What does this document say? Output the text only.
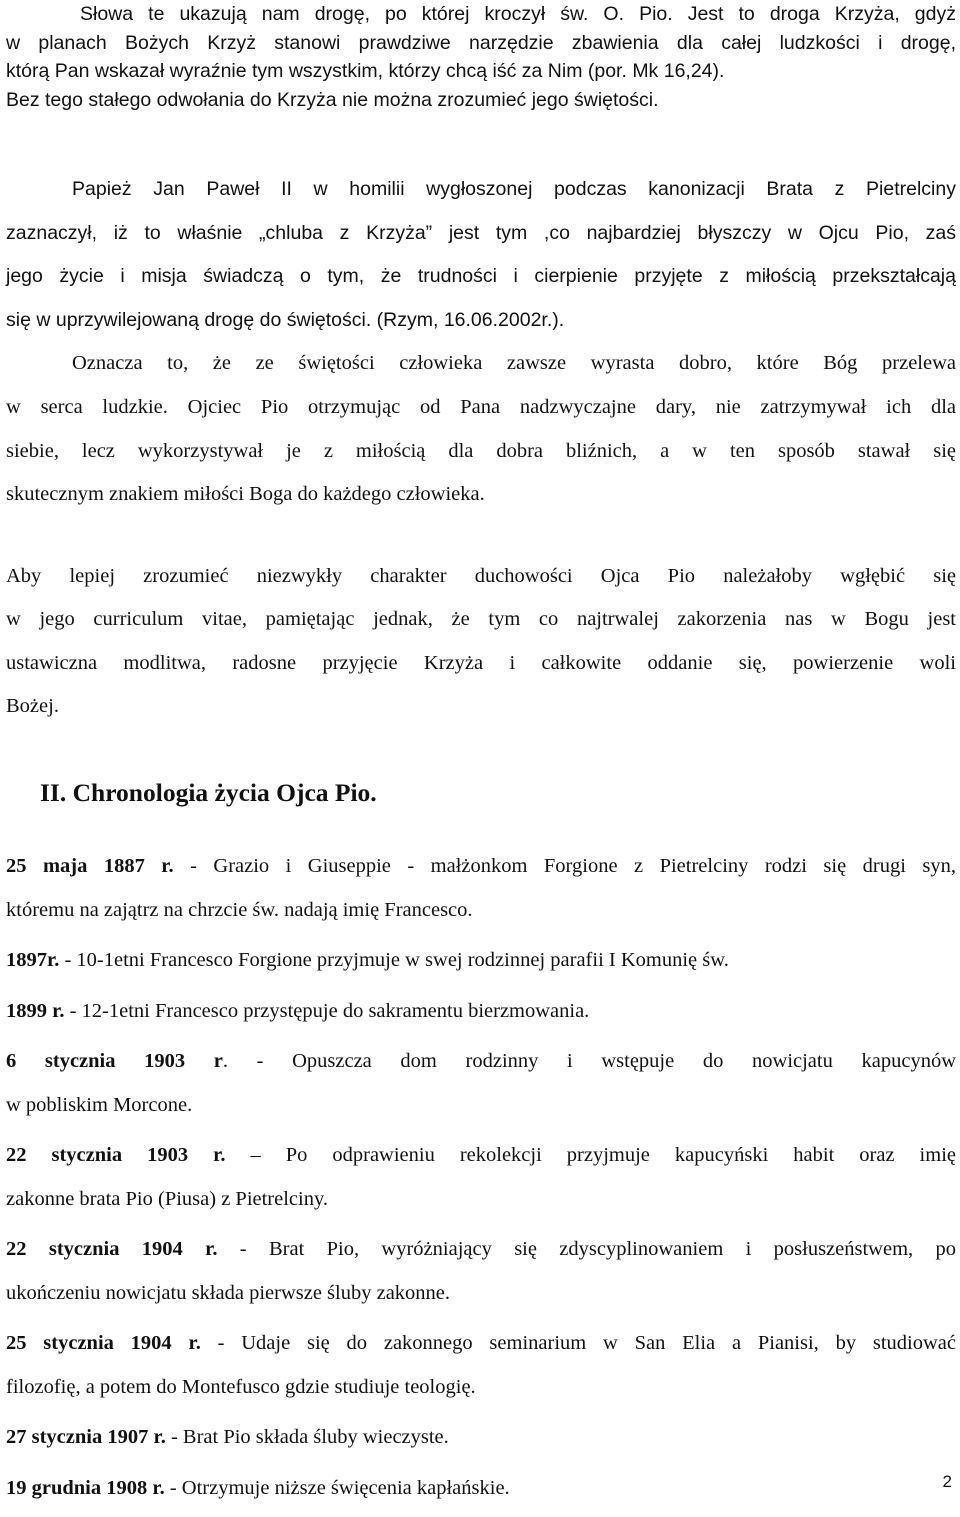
Słowa te ukazują nam drogę, po której kroczył św. O. Pio. Jest to droga Krzyża, gdyż
w planach Bożych Krzyż stanowi prawdziwe narzędzie zbawienia dla całej ludzkości i drogę,
którą Pan wskazał wyraźnie tym wszystkim, którzy chcą iść za Nim (por. Mk 16,24).
Bez tego stałego odwołania do Krzyża nie można zrozumieć jego świętości.
Papież Jan Paweł II w homilii wygłoszonej podczas kanonizacji Brata z Pietrelciny
zaznaczył, iż to właśnie „chluba z Krzyża” jest tym ,co najbardziej błyszczy w Ojcu Pio, zaś
jego życie i misja świadczą o tym, że trudności i cierpienie przyjęte z miłością przekształcają
się w uprzywilejowaną drogę do świętości. (Rzym, 16.06.2002r.).
Oznacza to, że ze świętości człowieka zawsze wyrasta dobro, które Bóg przelewa
w serca ludzkie. Ojciec Pio otrzymując od Pana nadzwyczajne dary, nie zatrzymywał ich dla
siebie, lecz wykorzystywał je z miłością dla dobra bliźnich, a w ten sposób stawał się
skutecznym znakiem miłości Boga do każdego człowieka.
Aby lepiej zrozumieć niezwykły charakter duchowości Ojca Pio należałoby wgłębić się
w jego curriculum vitae, pamiętając jednak, że tym co najtrwalej zakorzenia nas w Bogu jest
ustawiczna modlitwa, radosne przyjęcie Krzyża i całkowite oddanie się, powierzenie woli
Bożej.
II. Chronologia życia Ojca Pio.
25 maja 1887 r. - Grazio i Giuseppie - małżonkom Forgione z Pietrelciny rodzi się drugi syn,
któremu na zajątrz na chrzcie św. nadają imię Francesco.
1897r. - 10-1etni Francesco Forgione przyjmuje w swej rodzinnej parafii I Komunię św.
1899 r. - 12-1etni Francesco przystępuje do sakramentu bierzmowania.
6 stycznia 1903 r. - Opuszcza dom rodzinny i wstępuje do nowicjatu kapucynów
w pobliskim Morcone.
22 stycznia 1903 r. – Po odprawieniu rekolekcji przyjmuje kapucyński habit oraz imię
zakonne brata Pio (Piusa) z Pietrelciny.
22 stycznia 1904 r. - Brat Pio, wyróżniający się zdyscyplinowaniem i posłuszeństwem, po
ukończeniu nowicjatu składa pierwsze śluby zakonne.
25 stycznia 1904 r. - Udaje się do zakonnego seminarium w San Elia a Pianisi, by studiować
filozofię, a potem do Montefusco gdzie studiuje teologię.
27 stycznia 1907 r. - Brat Pio składa śluby wieczyste.
19 grudnia 1908 r. - Otrzymuje niższe święcenia kapłańskie.	2
